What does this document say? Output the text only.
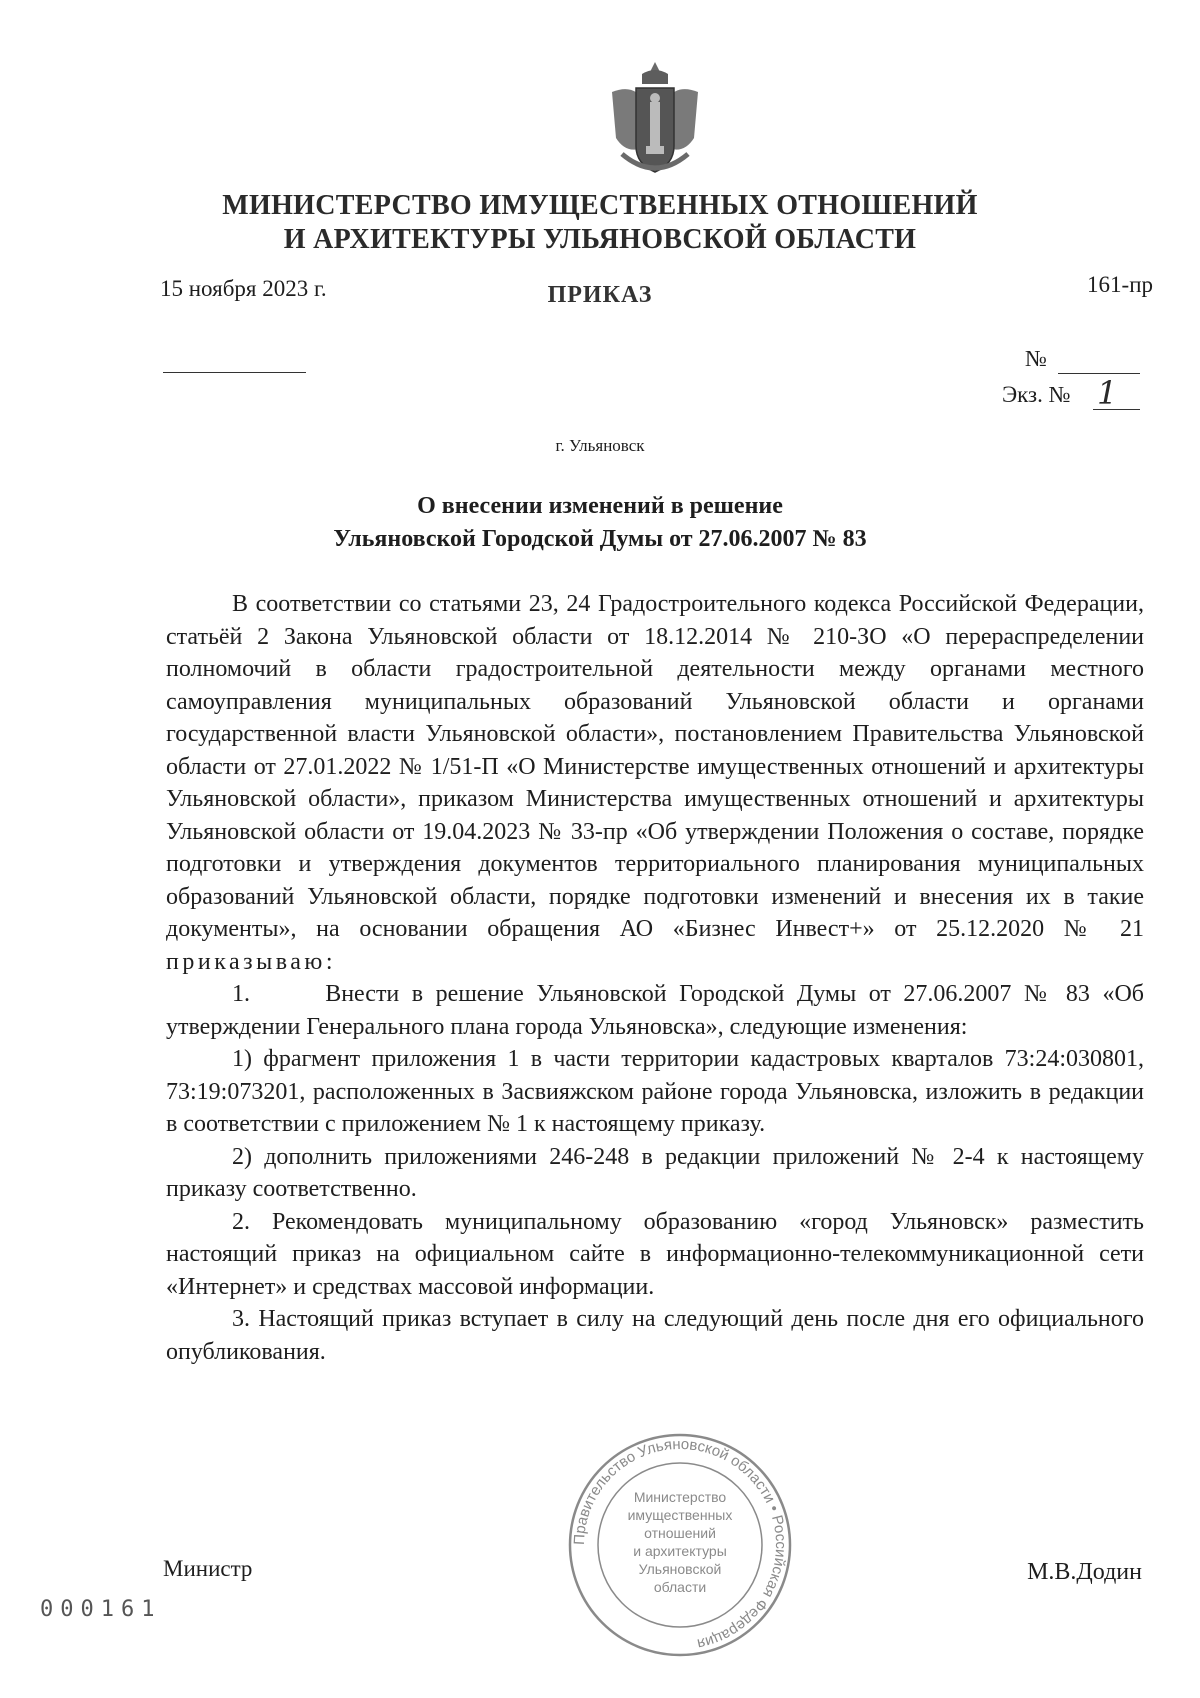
МИНИСТЕРСТВО ИМУЩЕСТВЕННЫХ ОТНОШЕНИЙ
И АРХИТЕКТУРЫ УЛЬЯНОВСКОЙ ОБЛАСТИ
15 ноября 2023 г.	ПРИКАЗ	161-пр
№
Экз. № 1
г. Ульяновск
О внесении изменений в решение
Ульяновской Городской Думы от 27.06.2007 № 83

В соответствии со статьями 23, 24 Градостроительного кодекса Российской Федерации, статьёй 2 Закона Ульяновской области от 18.12.2014 № 210-ЗО «О перераспределении полномочий в области градостроительной деятельности между органами местного самоуправления муниципальных образований Ульяновской области и органами государственной власти Ульяновской области», постановлением Правительства Ульяновской области от 27.01.2022 № 1/51-П «О Министерстве имущественных отношений и архитектуры Ульяновской области», приказом Министерства имущественных отношений и архитектуры Ульяновской области от 19.04.2023 № 33-пр «Об утверждении Положения о составе, порядке подготовки и утверждения документов территориального планирования муниципальных образований Ульяновской области, порядке подготовки изменений и внесения их в такие документы», на основании обращения АО «Бизнес Инвест+» от 25.12.2020 № 21 приказываю:

1.      Внести в решение Ульяновской Городской Думы от 27.06.2007 № 83 «Об утверждении Генерального плана города Ульяновска», следующие изменения:

1) фрагмент приложения 1 в части территории кадастровых кварталов 73:24:030801, 73:19:073201, расположенных в Засвияжском районе города Ульяновска, изложить в редакции в соответствии с приложением № 1 к настоящему приказу.

2) дополнить приложениями 246-248 в редакции приложений № 2-4 к настоящему приказу соответственно.

2. Рекомендовать муниципальному образованию «город Ульяновск» разместить настоящий приказ на официальном сайте в информационно-телекоммуникационной сети «Интернет» и средствах массовой информации.

3. Настоящий приказ вступает в силу на следующий день после дня его официального опубликования.

Правительство Ульяновской области • Российская Федерация
Министерство
имущественных
отношений
и архитектуры
Ульяновской
области
Министр	М.В.Додин
000161
